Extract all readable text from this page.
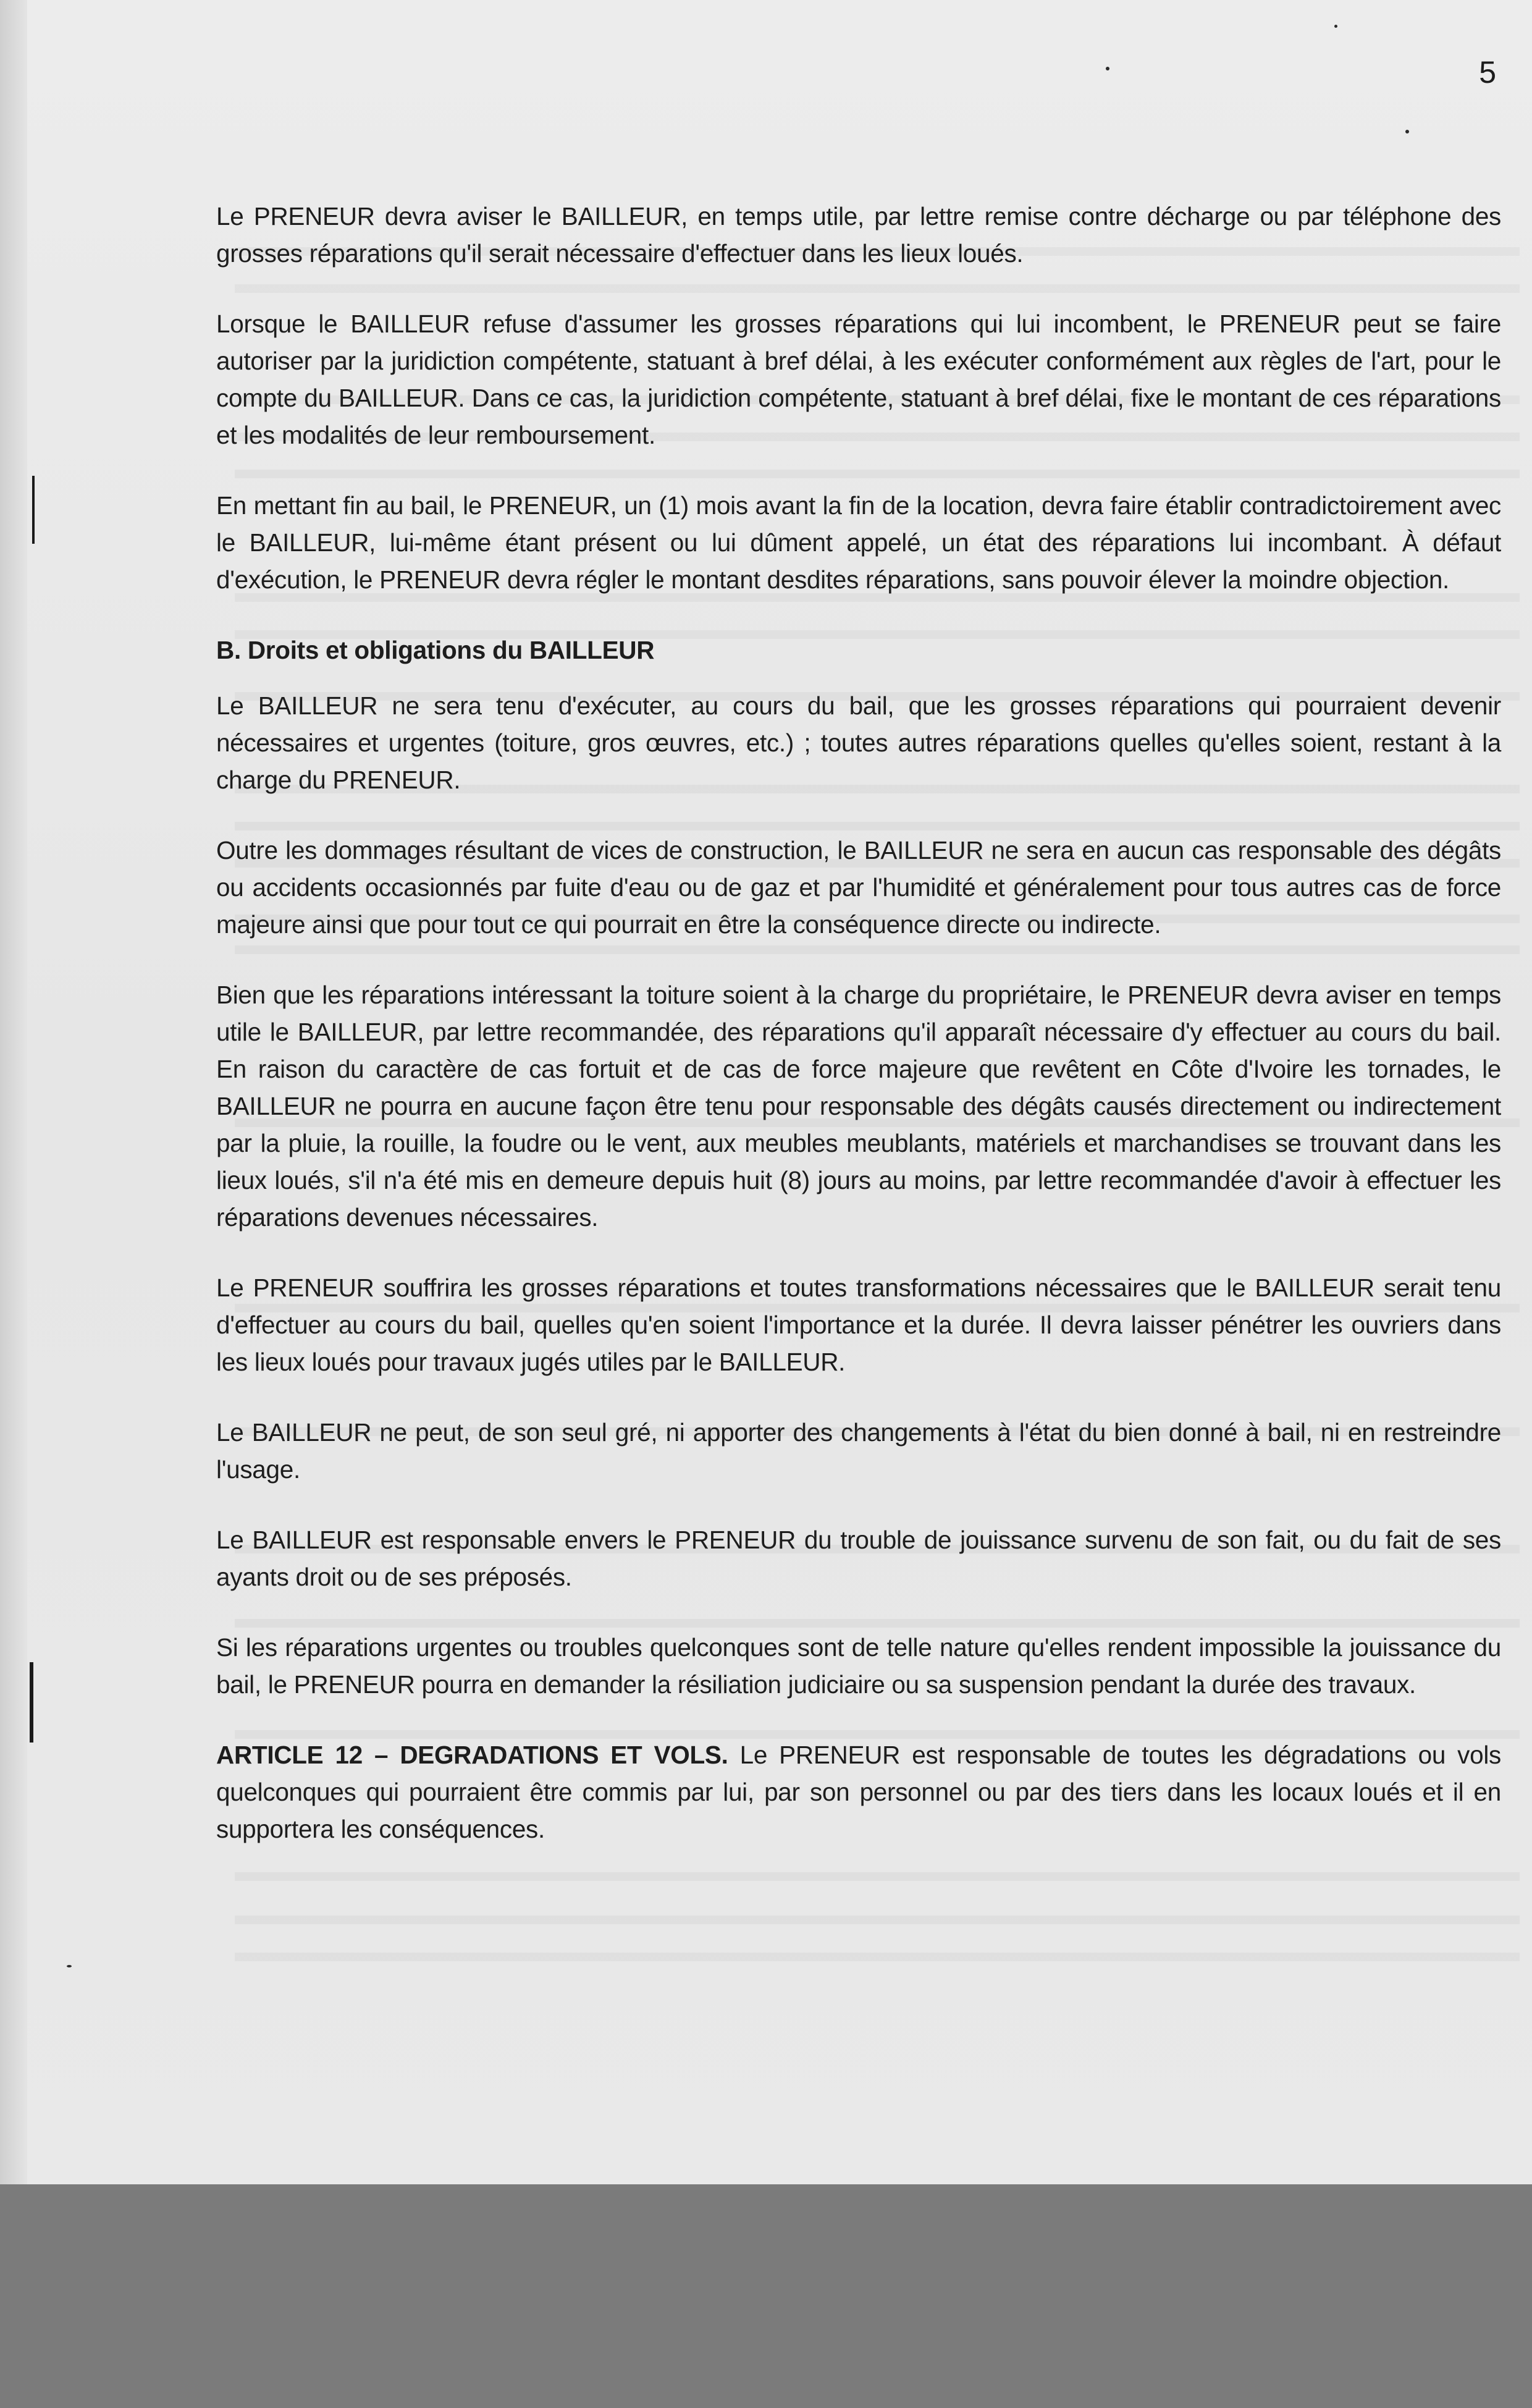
5

Le PRENEUR devra aviser le BAILLEUR, en temps utile, par lettre remise contre décharge ou par téléphone des grosses réparations qu'il serait nécessaire d'effectuer dans les lieux loués.

Lorsque le BAILLEUR refuse d'assumer les grosses réparations qui lui incombent, le PRENEUR peut se faire autoriser par la juridiction compétente, statuant à bref délai, à les exécuter conformément aux règles de l'art, pour le compte du BAILLEUR. Dans ce cas, la juridiction compétente, statuant à bref délai, fixe le montant de ces réparations et les modalités de leur remboursement.

En mettant fin au bail, le PRENEUR, un (1) mois avant la fin de la location, devra faire établir contradictoirement avec le BAILLEUR, lui-même étant présent ou lui dûment appelé, un état des réparations lui incombant. À défaut d'exécution, le PRENEUR devra régler le montant desdites réparations, sans pouvoir élever la moindre objection.

B. Droits et obligations du BAILLEUR

Le BAILLEUR ne sera tenu d'exécuter, au cours du bail, que les grosses réparations qui pourraient devenir nécessaires et urgentes (toiture, gros œuvres, etc.) ; toutes autres réparations quelles qu'elles soient, restant à la charge du PRENEUR.

Outre les dommages résultant de vices de construction, le BAILLEUR ne sera en aucun cas responsable des dégâts ou accidents occasionnés par fuite d'eau ou de gaz et par l'humidité et généralement pour tous autres cas de force majeure ainsi que pour tout ce qui pourrait en être la conséquence directe ou indirecte.

Bien que les réparations intéressant la toiture soient à la charge du propriétaire, le PRENEUR devra aviser en temps utile le BAILLEUR, par lettre recommandée, des réparations qu'il apparaît nécessaire d'y effectuer au cours du bail. En raison du caractère de cas fortuit et de cas de force majeure que revêtent en Côte d'Ivoire les tornades, le BAILLEUR ne pourra en aucune façon être tenu pour responsable des dégâts causés directement ou indirectement par la pluie, la rouille, la foudre ou le vent, aux meubles meublants, matériels et marchandises se trouvant dans les lieux loués, s'il n'a été mis en demeure depuis huit (8) jours au moins, par lettre recommandée d'avoir à effectuer les réparations devenues nécessaires.

Le PRENEUR souffrira les grosses réparations et toutes transformations nécessaires que le BAILLEUR serait tenu d'effectuer au cours du bail, quelles qu'en soient l'importance et la durée. Il devra laisser pénétrer les ouvriers dans les lieux loués pour travaux jugés utiles par le BAILLEUR.

Le BAILLEUR ne peut, de son seul gré, ni apporter des changements à l'état du bien donné à bail, ni en restreindre l'usage.

Le BAILLEUR est responsable envers le PRENEUR du trouble de jouissance survenu de son fait, ou du fait de ses ayants droit ou de ses préposés.

Si les réparations urgentes ou troubles quelconques sont de telle nature qu'elles rendent impossible la jouissance du bail, le PRENEUR pourra en demander la résiliation judiciaire ou sa suspension pendant la durée des travaux.

ARTICLE 12 – DEGRADATIONS ET VOLS. Le PRENEUR est responsable de toutes les dégradations ou vols quelconques qui pourraient être commis par lui, par son personnel ou par des tiers dans les locaux loués et il en supportera les conséquences.
